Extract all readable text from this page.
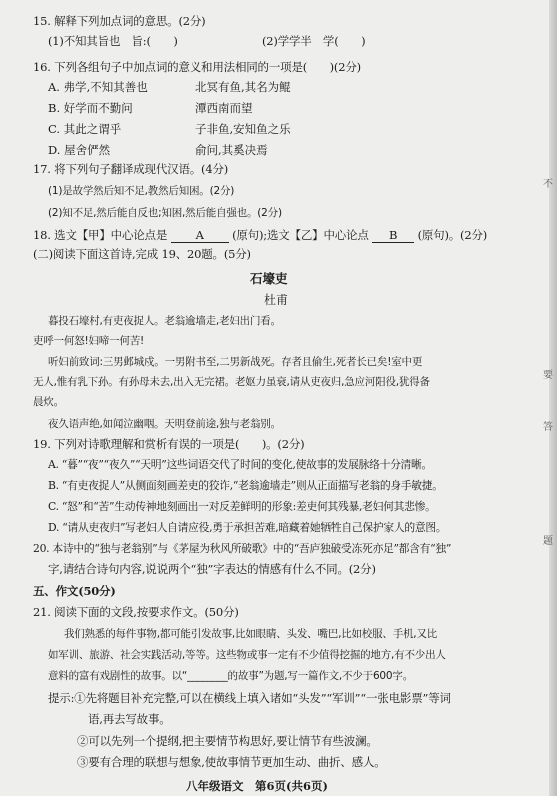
15. 解释下列加点词的意思。(2分)
(1)不知其旨也　旨:(　　)	(2)学学半　学(　　)
16. 下列各组句子中加点词的意义和用法相同的一项是(　　)(2分)
A. 弗学,不知其善也	北冥有鱼,其名为鲲
B. 好学而不勤问	潭西南而望
C. 其此之谓乎	子非鱼,安知鱼之乐
D. 屋舍俨然	俞问,其奚决焉
17. 将下列句子翻译成现代汉语。(4分)
(1)是故学然后知不足,教然后知困。(2分)
(2)知不足,然后能自反也;知困,然后能自强也。(2分)
18. 选文【甲】中心论点是 A (原句);选文【乙】中心论点 B (原句)。(2分)
(二)阅读下面这首诗,完成 19、20题。(5分)
石壕吏
杜甫
暮投石壕村,有吏夜捉人。老翁逾墙走,老妇出门看。
吏呼一何怒!妇啼一何苦!
听妇前致词:三男邺城戍。一男附书至,二男新战死。存者且偷生,死者长已矣!室中更
无人,惟有乳下孙。有孙母未去,出入无完裙。老妪力虽衰,请从吏夜归,急应河阳役,犹得备
晨炊。
夜久语声绝,如闻泣幽咽。天明登前途,独与老翁别。
19. 下列对诗歌理解和赏析有误的一项是(　　)。(2分)
A. “暮”“夜”“夜久”“天明”这些词语交代了时间的变化,使故事的发展脉络十分清晰。
B. “有吏夜捉人”从侧面刻画差吏的狡诈,“老翁逾墙走”则从正面描写老翁的身手敏捷。
C. “怒”和“苦”生动传神地刻画出一对反差鲜明的形象:差吏何其残暴,老妇何其悲惨。
D. “请从吏夜归”写老妇人自请应役,勇于承担苦难,暗藏着她牺牲自己保护家人的意图。
20. 本诗中的“独与老翁别”与《茅屋为秋风所破歌》中的“吾庐独破受冻死亦足”都含有“独”
字,请结合诗句内容,说说两个“独”字表达的情感有什么不同。(2分)
五、作文(50分)
21. 阅读下面的文段,按要求作文。(50分)
我们熟悉的每件事物,都可能引发故事,比如眼睛、头发、嘴巴,比如校服、手机,又比
如军训、旅游、社会实践活动,等等。这些物或事一定有不少值得挖掘的地方,有不少出人
意料的富有戏剧性的故事。以“________的故事”为题,写一篇作文,不少于600字。
提示:①先将题目补充完整,可以在横线上填入诸如“头发”“军训”“一张电影票”等词
语,再去写故事。
②可以先列一个提纲,把主要情节构思好,要让情节有些波澜。
③要有合理的联想与想象,使故事情节更加生动、曲折、感人。
八年级语文　第6页(共6页)
题
答
要
不
